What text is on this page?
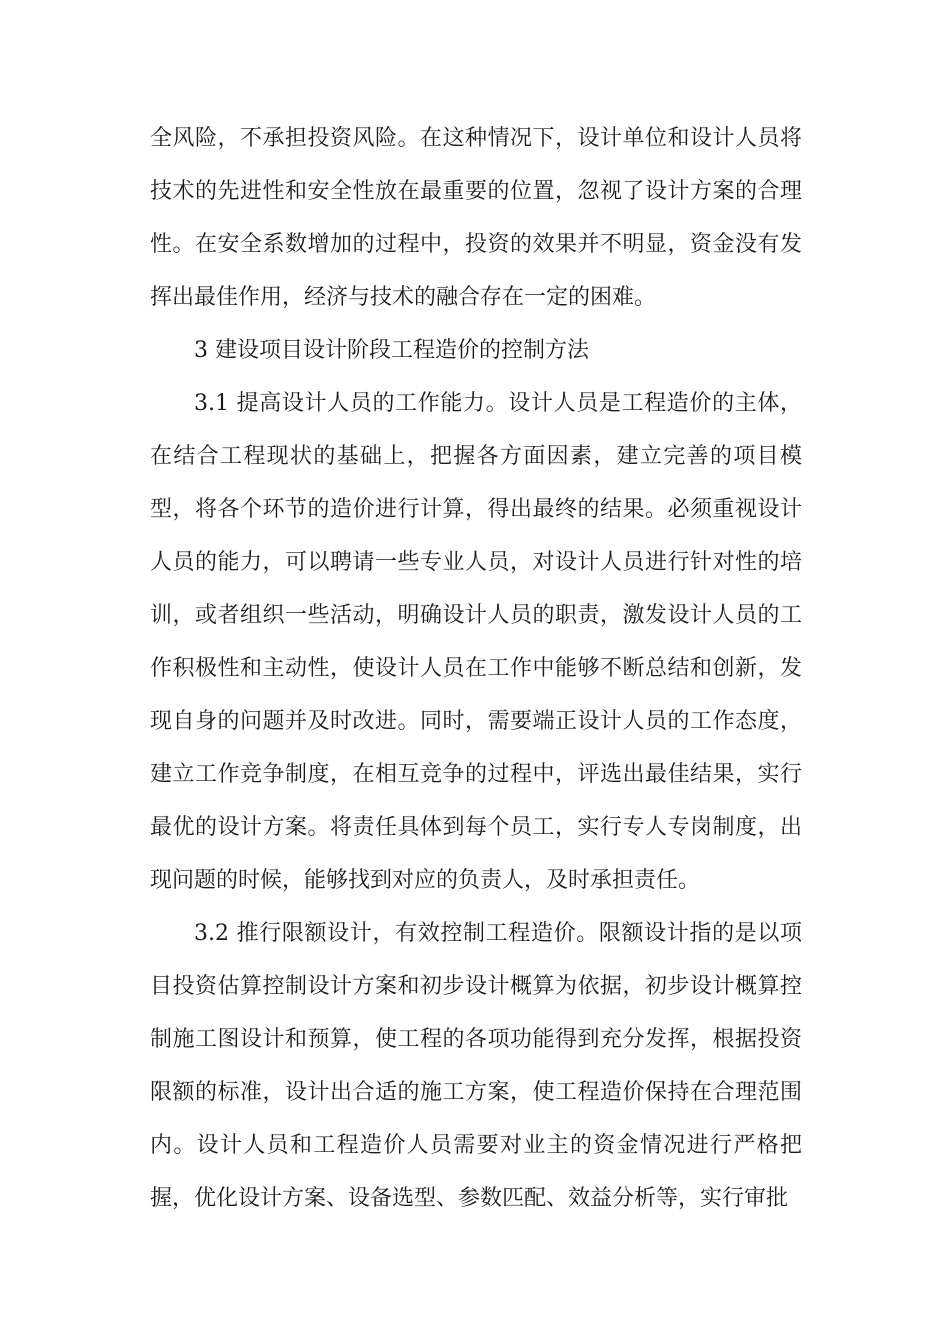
全风险，不承担投资风险。在这种情况下，设计单位和设计人员将技术的先进性和安全性放在最重要的位置，忽视了设计方案的合理性。在安全系数增加的过程中，投资的效果并不明显，资金没有发挥出最佳作用，经济与技术的融合存在一定的困难。

3 建设项目设计阶段工程造价的控制方法

3.1 提高设计人员的工作能力。设计人员是工程造价的主体，在结合工程现状的基础上，把握各方面因素，建立完善的项目模型，将各个环节的造价进行计算，得出最终的结果。必须重视设计人员的能力，可以聘请一些专业人员，对设计人员进行针对性的培训，或者组织一些活动，明确设计人员的职责，激发设计人员的工作积极性和主动性，使设计人员在工作中能够不断总结和创新，发现自身的问题并及时改进。同时，需要端正设计人员的工作态度，建立工作竞争制度，在相互竞争的过程中，评选出最佳结果，实行最优的设计方案。将责任具体到每个员工，实行专人专岗制度，出现问题的时候，能够找到对应的负责人，及时承担责任。

3.2 推行限额设计，有效控制工程造价。限额设计指的是以项目投资估算控制设计方案和初步设计概算为依据，初步设计概算控制施工图设计和预算，使工程的各项功能得到充分发挥，根据投资限额的标准，设计出合适的施工方案，使工程造价保持在合理范围内。设计人员和工程造价人员需要对业主的资金情况进行严格把握，优化设计方案、设备选型、参数匹配、效益分析等，实行审批
